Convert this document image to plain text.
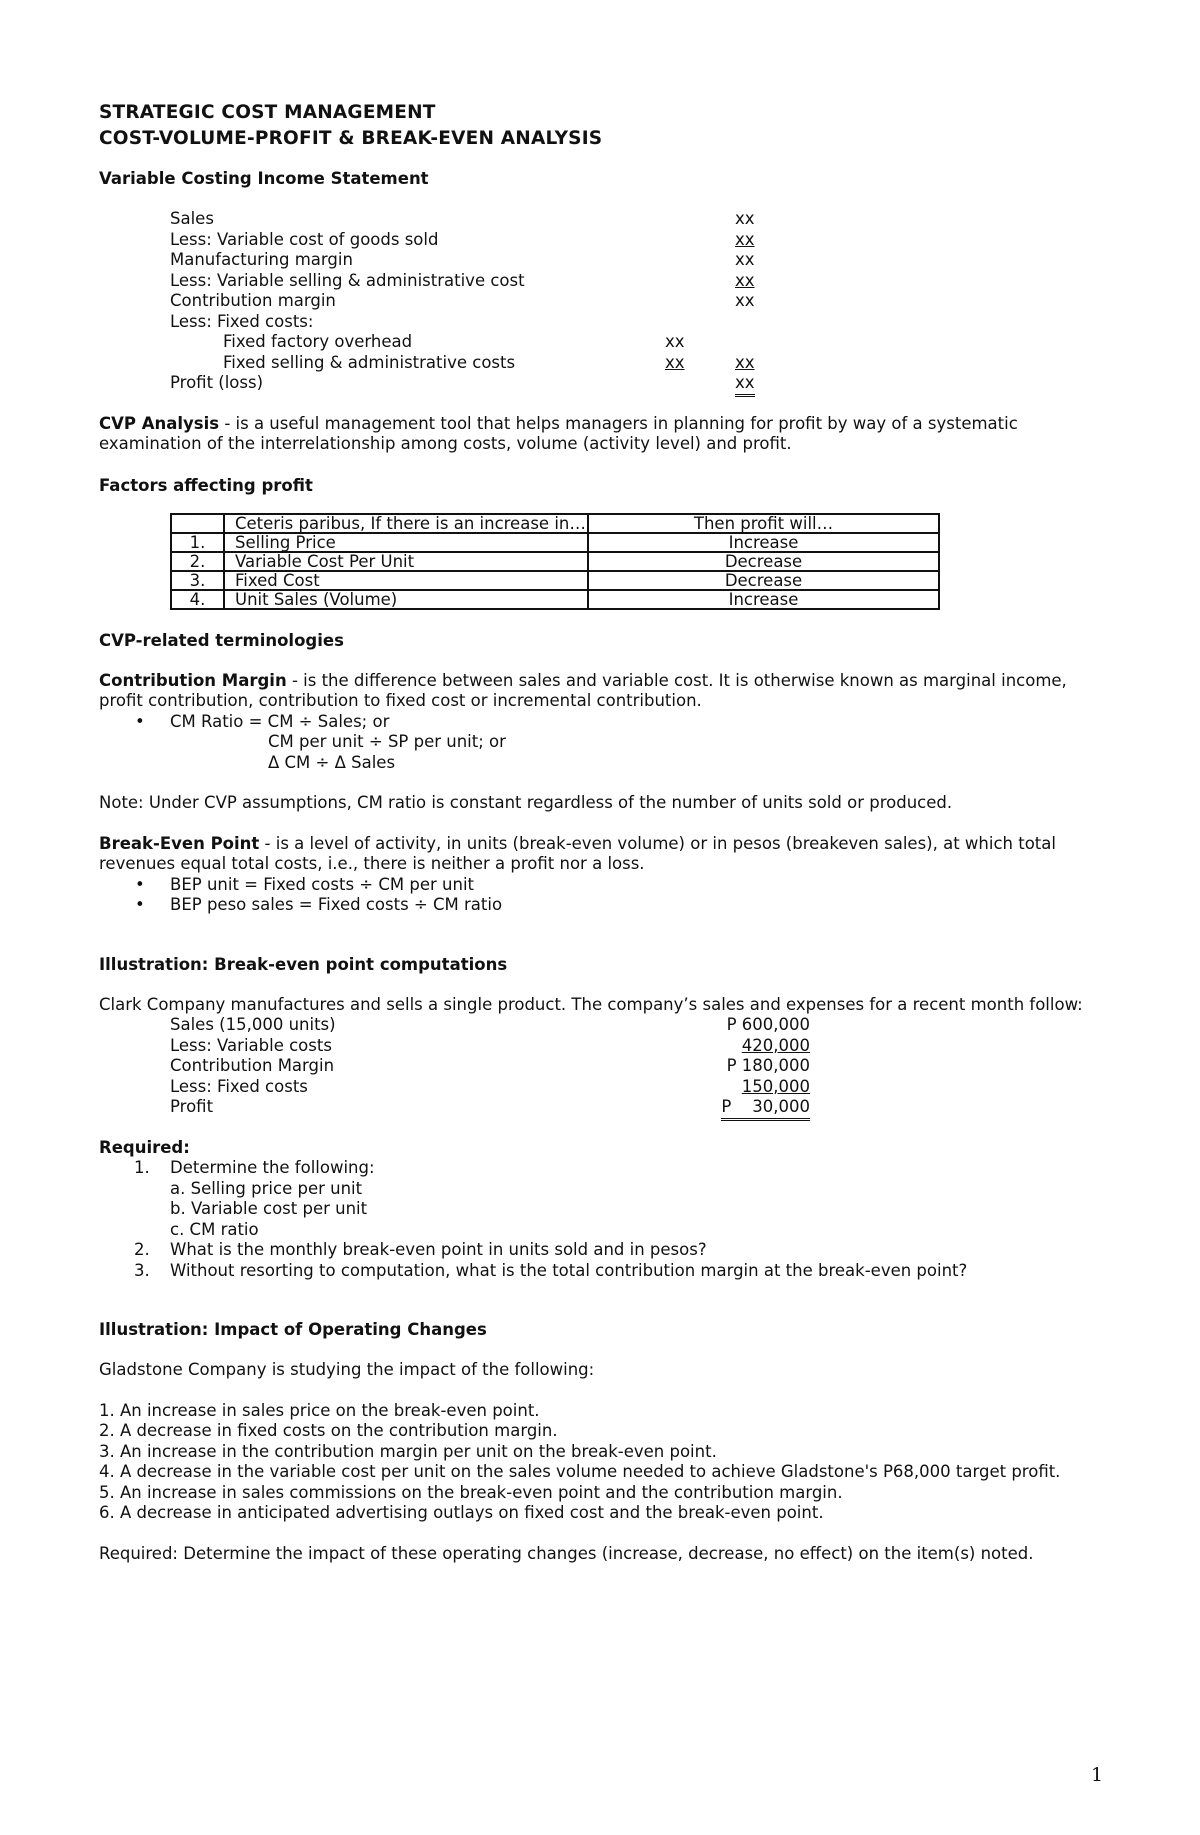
STRATEGIC COST MANAGEMENT
COST-VOLUME-PROFIT & BREAK-EVEN ANALYSIS
Variable Costing Income Statement
Sales	xx
Less: Variable cost of goods sold	xx
Manufacturing margin	xx
Less: Variable selling & administrative cost	xx
Contribution margin	xx
Less: Fixed costs:
Fixed factory overhead	xx
Fixed selling & administrative costs	xx	xx
Profit (loss)	xx

CVP Analysis - is a useful management tool that helps managers in planning for profit by way of a systematic examination of the interrelationship among costs, volume (activity level) and profit.

Factors affecting profit
	Ceteris paribus, If there is an increase in…	Then profit will…
1.	Selling Price	Increase
2.	Variable Cost Per Unit	Decrease
3.	Fixed Cost	Decrease
4.	Unit Sales (Volume)	Increase
CVP-related terminologies

Contribution Margin - is the difference between sales and variable cost. It is otherwise known as marginal income, profit contribution, contribution to fixed cost or incremental contribution.

• CM Ratio = CM ÷ Sales; or
CM per unit ÷ SP per unit; or
Δ CM ÷ Δ Sales

Note: Under CVP assumptions, CM ratio is constant regardless of the number of units sold or produced.

Break-Even Point - is a level of activity, in units (break-even volume) or in pesos (breakeven sales), at which total revenues equal total costs, i.e., there is neither a profit nor a loss.

• BEP unit = Fixed costs ÷ CM per unit
• BEP peso sales = Fixed costs ÷ CM ratio
Illustration: Break-even point computations

Clark Company manufactures and sells a single product. The company’s sales and expenses for a recent month follow:

Sales (15,000 units)	P 600,000
Less: Variable costs	420,000
Contribution Margin	P 180,000
Less: Fixed costs	150,000
Profit	P    30,000

Required:

1. Determine the following:
a. Selling price per unit
b. Variable cost per unit
c. CM ratio
2. What is the monthly break-even point in units sold and in pesos?
3. Without resorting to computation, what is the total contribution margin at the break-even point?
Illustration: Impact of Operating Changes

Gladstone Company is studying the impact of the following:

1. An increase in sales price on the break-even point.

2. A decrease in fixed costs on the contribution margin.

3. An increase in the contribution margin per unit on the break-even point.

4. A decrease in the variable cost per unit on the sales volume needed to achieve Gladstone's P68,000 target profit.

5. An increase in sales commissions on the break-even point and the contribution margin.

6. A decrease in anticipated advertising outlays on fixed cost and the break-even point.

Required: Determine the impact of these operating changes (increase, decrease, no effect) on the item(s) noted.

1
